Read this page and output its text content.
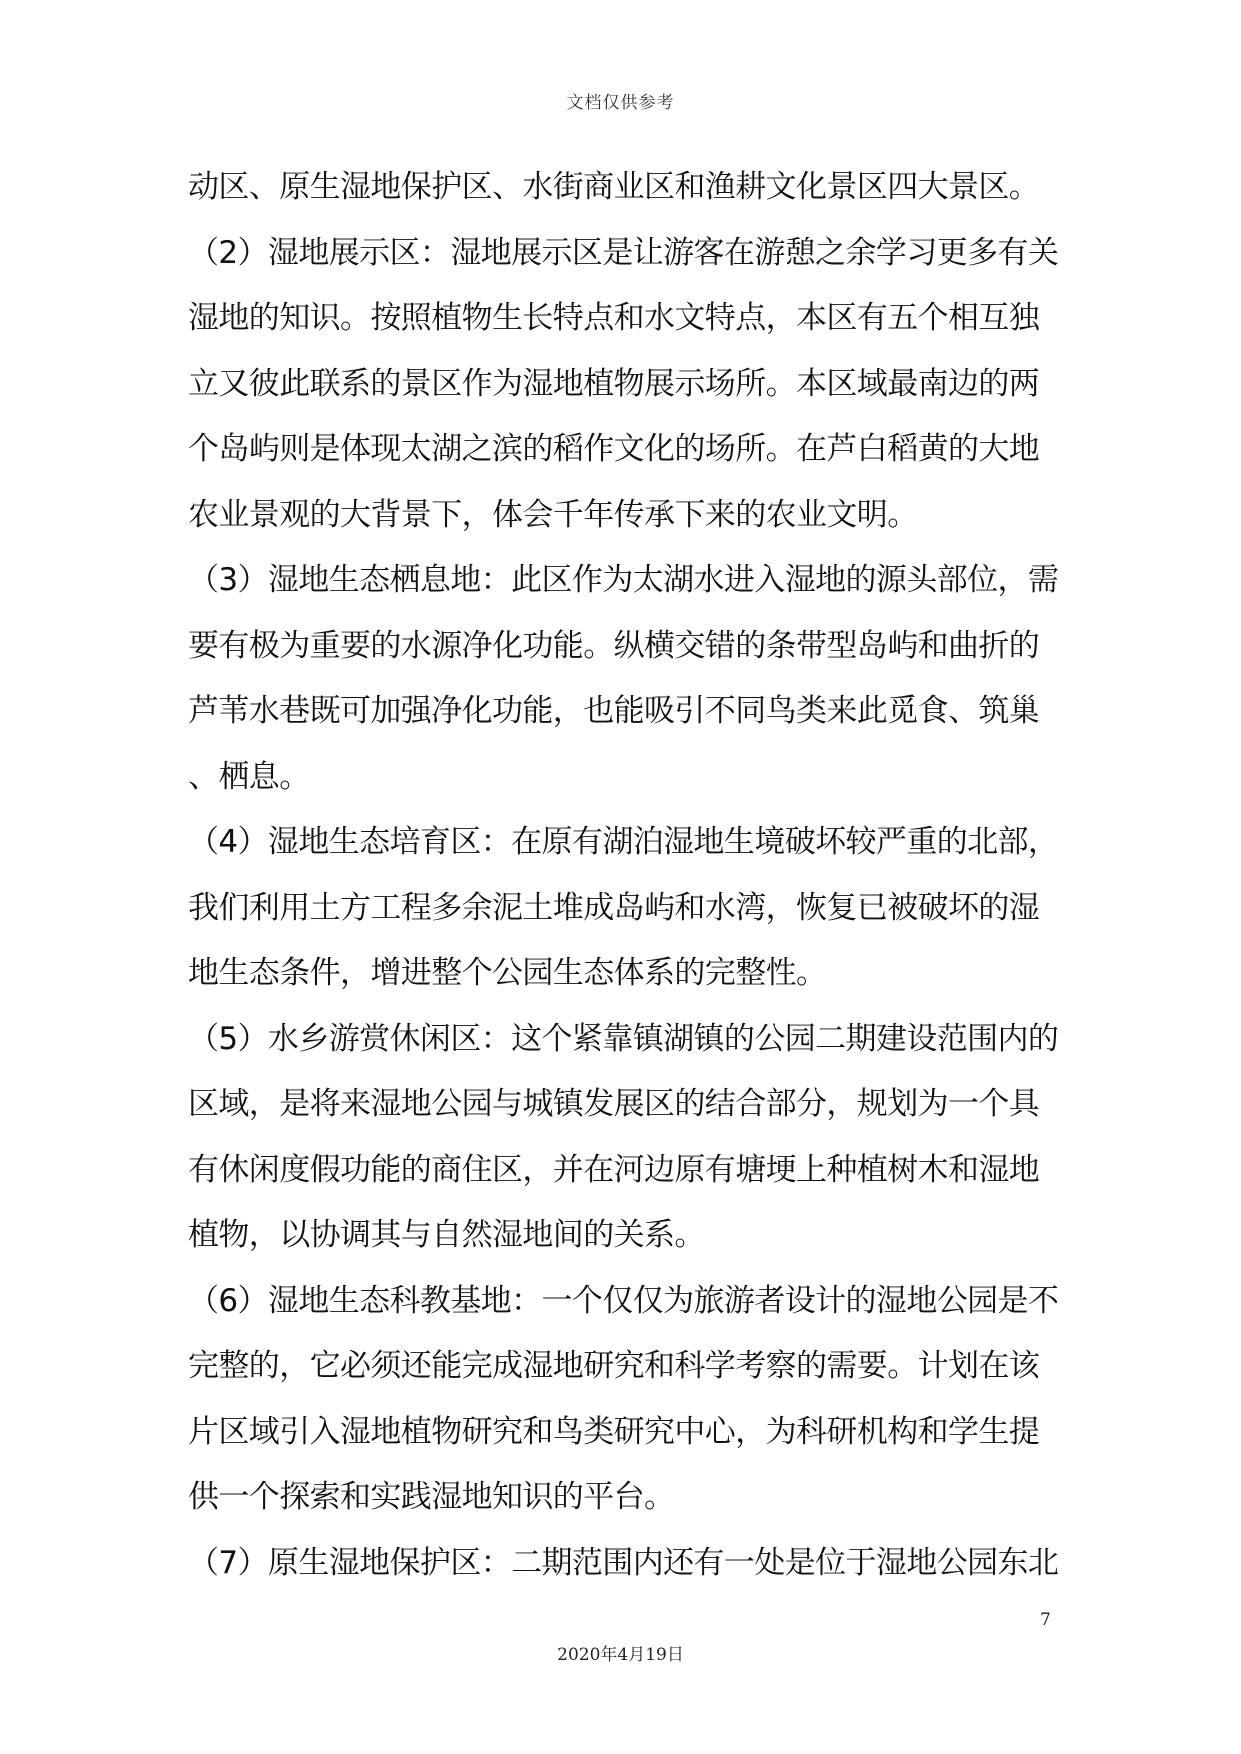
文档仅供参考
动区、原生湿地保护区、水街商业区和渔耕文化景区四大景区。
（2）湿地展示区：湿地展示区是让游客在游憩之余学习更多有关
湿地的知识。按照植物生长特点和水文特点，本区有五个相互独
立又彼此联系的景区作为湿地植物展示场所。本区域最南边的两
个岛屿则是体现太湖之滨的稻作文化的场所。在芦白稻黄的大地
农业景观的大背景下，体会千年传承下来的农业文明。
（3）湿地生态栖息地：此区作为太湖水进入湿地的源头部位，需
要有极为重要的水源净化功能。纵横交错的条带型岛屿和曲折的
芦苇水巷既可加强净化功能，也能吸引不同鸟类来此觅食、筑巢
、栖息。
（4）湿地生态培育区：在原有湖泊湿地生境破坏较严重的北部，
我们利用土方工程多余泥土堆成岛屿和水湾，恢复已被破坏的湿
地生态条件，增进整个公园生态体系的完整性。
（5）水乡游赏休闲区：这个紧靠镇湖镇的公园二期建设范围内的
区域，是将来湿地公园与城镇发展区的结合部分，规划为一个具
有休闲度假功能的商住区，并在河边原有塘埂上种植树木和湿地
植物，以协调其与自然湿地间的关系。
（6）湿地生态科教基地：一个仅仅为旅游者设计的湿地公园是不
完整的，它必须还能完成湿地研究和科学考察的需要。计划在该
片区域引入湿地植物研究和鸟类研究中心，为科研机构和学生提
供一个探索和实践湿地知识的平台。
（7）原生湿地保护区：二期范围内还有一处是位于湿地公园东北
7
2020年4月19日
